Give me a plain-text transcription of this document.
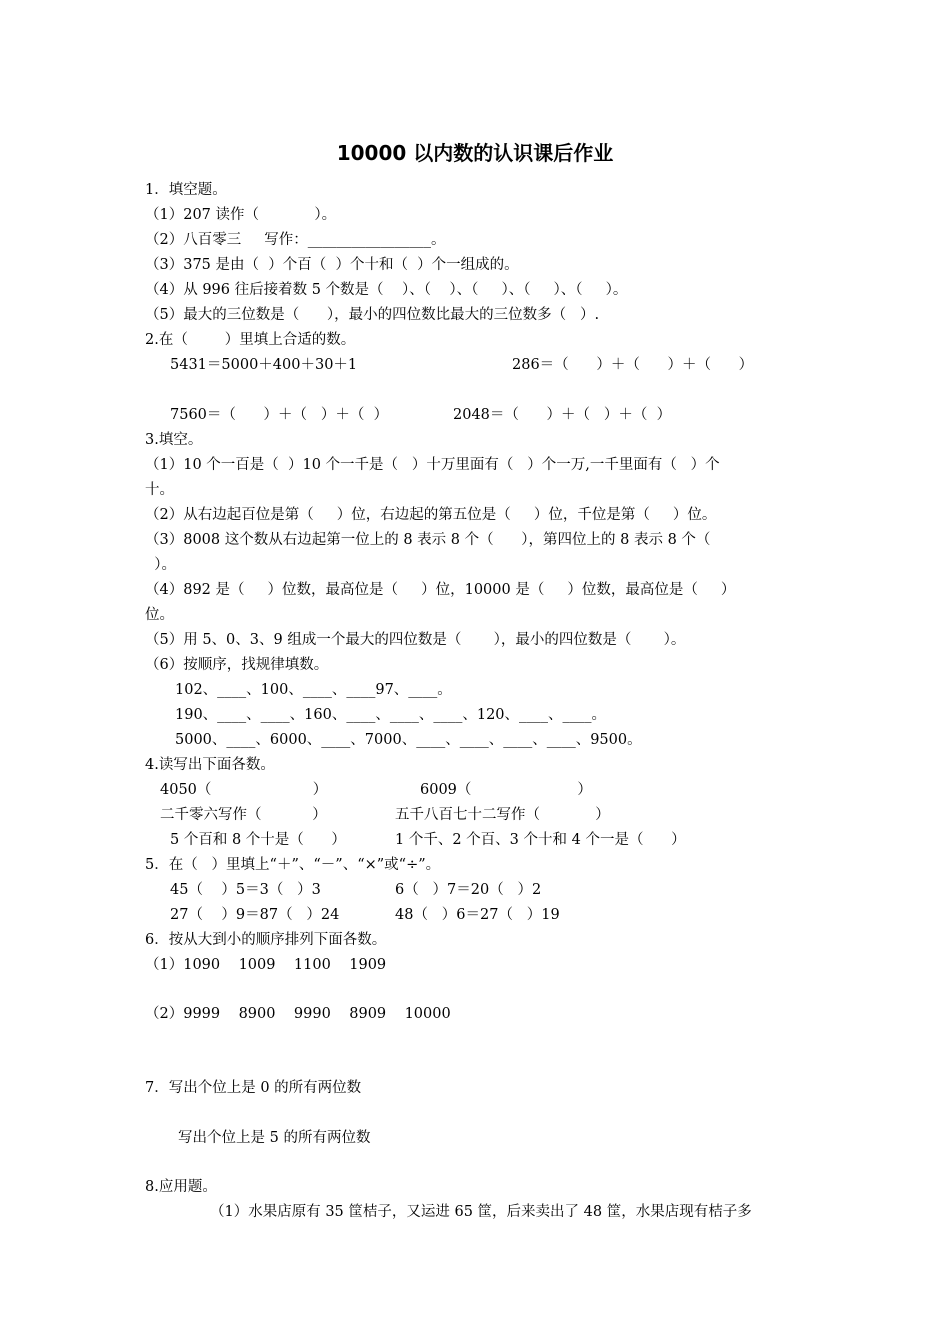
10000 以内数的认识课后作业
1．填空题。
（1）207 读作（            ）。
（2）八百零三     写作：_________________。
（3）375 是由（  ）个百（  ）个十和（  ）个一组成的。
（4）从 996 往后接着数 5 个数是（    ）、（    ）、（     ）、（     ）、（     ）。
（5）最大的三位数是（      ），最小的四位数比最大的三位数多（   ）.
2.在（        ）里填上合适的数。
5431＝5000＋400＋30＋1	286＝（      ）＋（      ）＋（      ）
7560＝（      ）＋（   ）＋（  ）	2048＝（      ）＋（   ）＋（  ）
3.填空。
（1）10 个一百是（  ）10 个一千是（   ）十万里面有（   ）个一万,一千里面有（   ）个
十。
（2）从右边起百位是第（     ）位，右边起的第五位是（     ）位，千位是第（     ）位。
（3）8008 这个数从右边起第一位上的 8 表示 8 个（      ），第四位上的 8 表示 8 个（
）。
（4）892 是（     ）位数，最高位是（     ）位，10000 是（     ）位数，最高位是（     ）
位。
（5）用 5、0、3、9 组成一个最大的四位数是（       ），最小的四位数是（       ）。
（6）按顺序，找规律填数。
102、____、100、____、____97、____。
190、____、____、160、____、____、____、120、____、____。
5000、____、6000、____、7000、____、____、____、____、9500。
4.读写出下面各数。
4050（                      ）	6009（                       ）
二千零六写作（           ）	五千八百七十二写作（            ）
5 个百和 8 个十是（      ）	1 个千、2 个百、3 个十和 4 个一是（      ）
5．在（   ）里填上“＋”、“－”、“×”或“÷”。
45（    ）5＝3（   ）3	6（   ）7＝20（   ）2
27（    ）9＝87（   ）24	48（   ）6＝27（   ）19
6．按从大到小的顺序排列下面各数。
（1）1090    1009    1100    1909
（2）9999    8900    9990    8909    10000
7．写出个位上是 0 的所有两位数
写出个位上是 5 的所有两位数
8.应用题。
（1）水果店原有 35 筐桔子，又运进 65 筐，后来卖出了 48 筐，水果店现有桔子多
